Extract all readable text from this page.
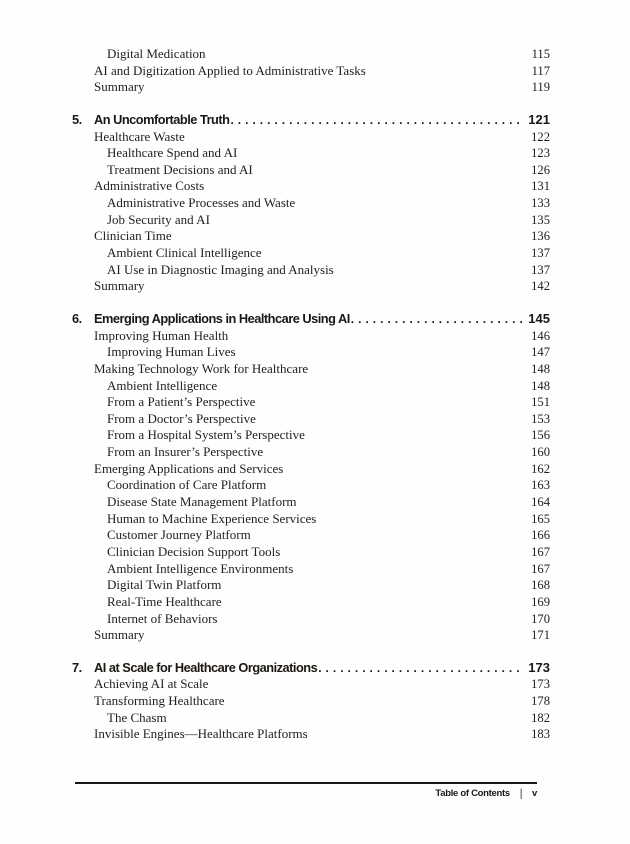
Digital Medication	115
AI and Digitization Applied to Administrative Tasks	117
Summary	119
5. An Uncomfortable Truth .....	121
Healthcare Waste	122
Healthcare Spend and AI	123
Treatment Decisions and AI	126
Administrative Costs	131
Administrative Processes and Waste	133
Job Security and AI	135
Clinician Time	136
Ambient Clinical Intelligence	137
AI Use in Diagnostic Imaging and Analysis	137
Summary	142
6. Emerging Applications in Healthcare Using AI .....	145
Improving Human Health	146
Improving Human Lives	147
Making Technology Work for Healthcare	148
Ambient Intelligence	148
From a Patient’s Perspective	151
From a Doctor’s Perspective	153
From a Hospital System’s Perspective	156
From an Insurer’s Perspective	160
Emerging Applications and Services	162
Coordination of Care Platform	163
Disease State Management Platform	164
Human to Machine Experience Services	165
Customer Journey Platform	166
Clinician Decision Support Tools	167
Ambient Intelligence Environments	167
Digital Twin Platform	168
Real-Time Healthcare	169
Internet of Behaviors	170
Summary	171
7. AI at Scale for Healthcare Organizations .....	173
Achieving AI at Scale	173
Transforming Healthcare	178
The Chasm	182
Invisible Engines—Healthcare Platforms	183
Table of Contents | v
